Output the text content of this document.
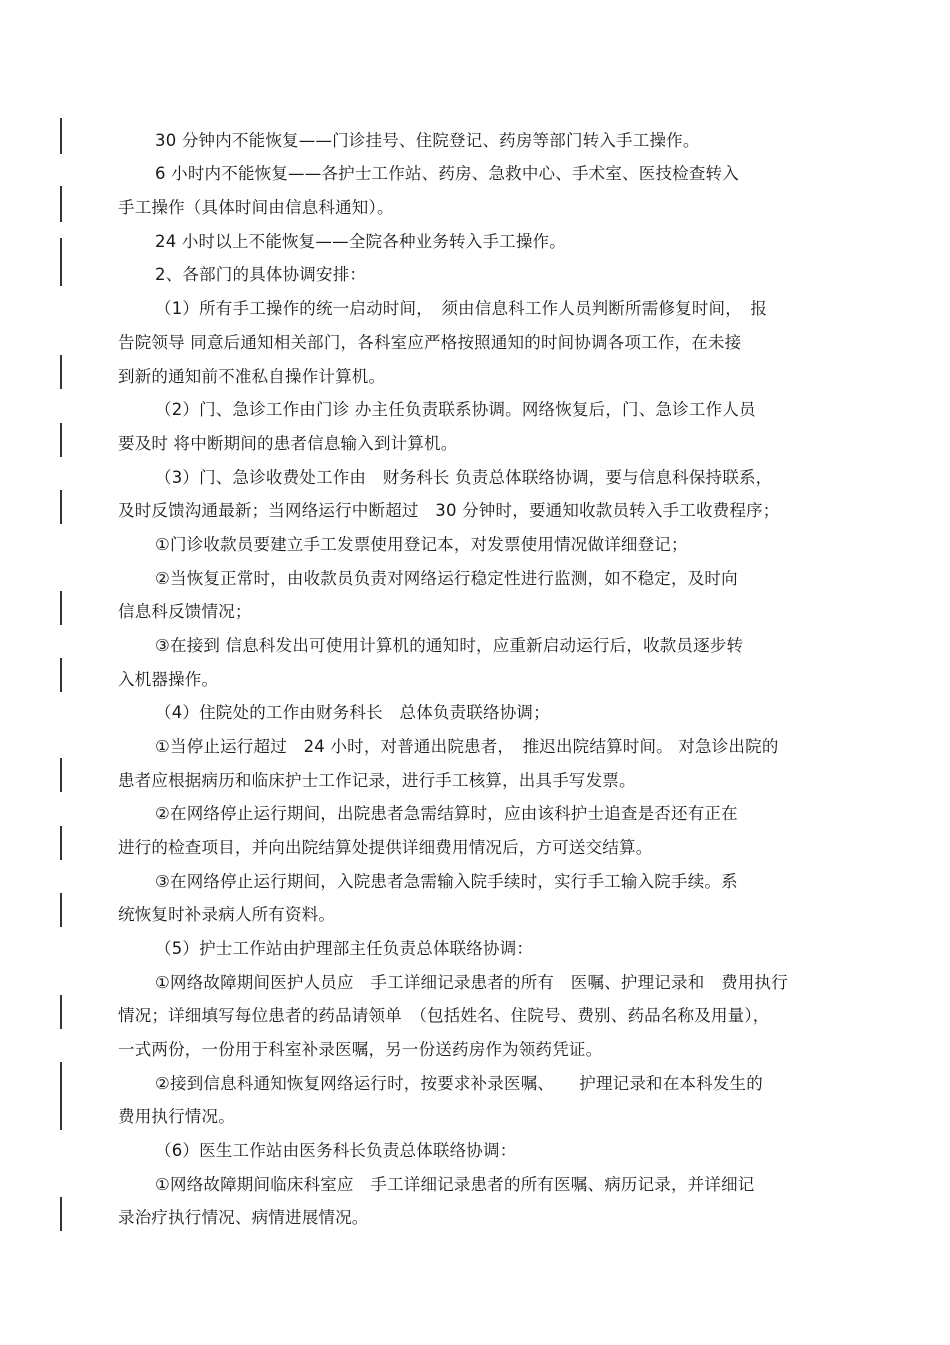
30 分钟内不能恢复——门诊挂号、住院登记、药房等部门转入手工操作。
6 小时内不能恢复——各护士工作站、药房、急救中心、手术室、医技检查转入
手工操作（具体时间由信息科通知）。
24 小时以上不能恢复——全院各种业务转入手工操作。
2、各部门的具体协调安排：
（1）所有手工操作的统一启动时间，　须由信息科工作人员判断所需修复时间，　报
告院领导 同意后通知相关部门，各科室应严格按照通知的时间协调各项工作，在未接
到新的通知前不准私自操作计算机。
（2）门、急诊工作由门诊 办主任负责联系协调。网络恢复后，门、急诊工作人员
要及时 将中断期间的患者信息输入到计算机。
（3）门、急诊收费处工作由　财务科长 负责总体联络协调，要与信息科保持联系，
及时反馈沟通最新；当网络运行中断超过　30 分钟时，要通知收款员转入手工收费程序；
①门诊收款员要建立手工发票使用登记本，对发票使用情况做详细登记；
②当恢复正常时，由收款员负责对网络运行稳定性进行监测，如不稳定，及时向
信息科反馈情况；
③在接到 信息科发出可使用计算机的通知时，应重新启动运行后，收款员逐步转
入机器操作。
（4）住院处的工作由财务科长　总体负责联络协调；
①当停止运行超过　24 小时，对普通出院患者，　推迟出院结算时间。 对急诊出院的
患者应根据病历和临床护士工作记录，进行手工核算，出具手写发票。
②在网络停止运行期间，出院患者急需结算时，应由该科护士追查是否还有正在
进行的检查项目，并向出院结算处提供详细费用情况后，方可送交结算。
③在网络停止运行期间，入院患者急需输入院手续时，实行手工输入院手续。系
统恢复时补录病人所有资料。
（5）护士工作站由护理部主任负责总体联络协调：
①网络故障期间医护人员应　手工详细记录患者的所有　医嘱、护理记录和　费用执行
情况；详细填写每位患者的药品请领单　（包括姓名、住院号、费别、药品名称及用量），
一式两份，一份用于科室补录医嘱，另一份送药房作为领药凭证。
②接到信息科通知恢复网络运行时，按要求补录医嘱、　　护理记录和在本科发生的
费用执行情况。
（6）医生工作站由医务科长负责总体联络协调：
①网络故障期间临床科室应　手工详细记录患者的所有医嘱、病历记录，并详细记
录治疗执行情况、病情进展情况。
